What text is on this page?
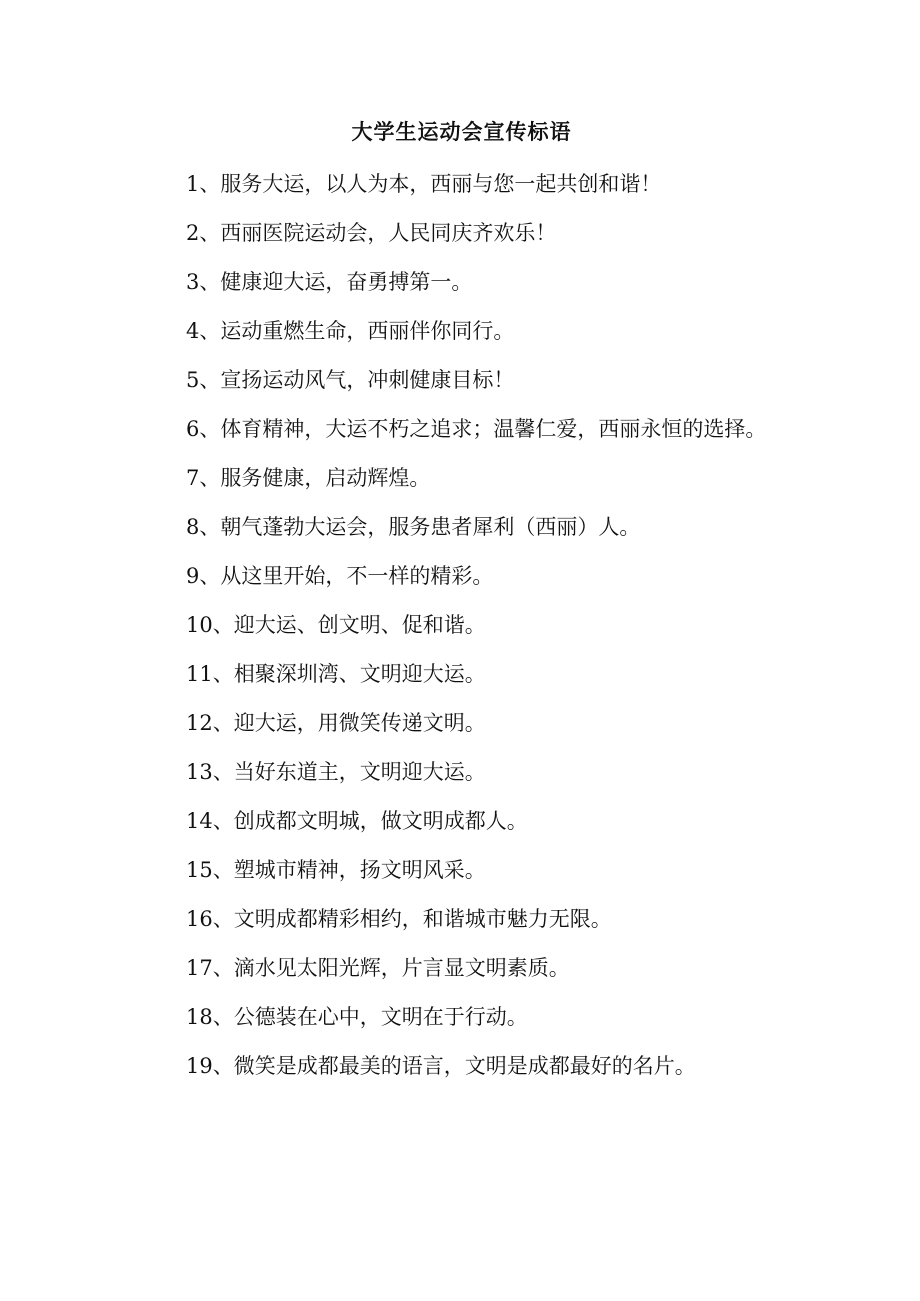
大学生运动会宣传标语

1、服务大运，以人为本，西丽与您一起共创和谐！

2、西丽医院运动会，人民同庆齐欢乐！

3、健康迎大运，奋勇搏第一。

4、运动重燃生命，西丽伴你同行。

5、宣扬运动风气，冲刺健康目标！

6、体育精神，大运不朽之追求；温馨仁爱，西丽永恒的选择。

7、服务健康，启动辉煌。

8、朝气蓬勃大运会，服务患者犀利（西丽）人。

9、从这里开始，不一样的精彩。

10、迎大运、创文明、促和谐。

11、相聚深圳湾、文明迎大运。

12、迎大运，用微笑传递文明。

13、当好东道主，文明迎大运。

14、创成都文明城，做文明成都人。

15、塑城市精神，扬文明风采。

16、文明成都精彩相约，和谐城市魅力无限。

17、滴水见太阳光辉，片言显文明素质。

18、公德装在心中，文明在于行动。

19、微笑是成都最美的语言，文明是成都最好的名片。
